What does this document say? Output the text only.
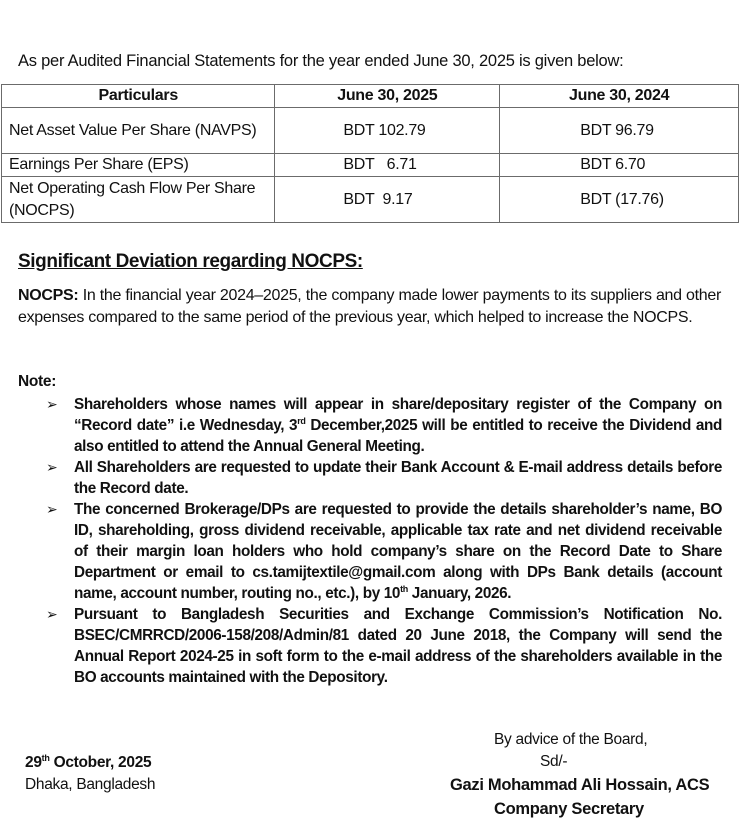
As per Audited Financial Statements for the year ended June 30, 2025 is given below:
Particulars	June 30, 2025	June 30, 2024
Net Asset Value Per Share (NAVPS)	BDT 102.79	BDT 96.79
Earnings Per Share (EPS)	BDT   6.71	BDT 6.70
Net Operating Cash Flow Per Share (NOCPS)	BDT  9.17	BDT (17.76)
Significant Deviation regarding NOCPS:
NOCPS: In the financial year 2024–2025, the company made lower payments to its suppliers and other expenses compared to the same period of the previous year, which helped to increase the NOCPS.
Note:
➢ Shareholders whose names will appear in share/depositary register of the Company on “Record date” i.e Wednesday, 3rd December,2025 will be entitled to receive the Dividend and also entitled to attend the Annual General Meeting.
➢ All Shareholders are requested to update their Bank Account & E-mail address details before the Record date.
➢ The concerned Brokerage/DPs are requested to provide the details shareholder’s name, BO ID, shareholding, gross dividend receivable, applicable tax rate and net dividend receivable of their margin loan holders who hold company’s share on the Record Date to Share Department or email to cs.tamijtextile@gmail.com along with DPs Bank details (account name, account number, routing no., etc.), by 10th January, 2026.
➢ Pursuant to Bangladesh Securities and Exchange Commission’s Notification No. BSEC/CMRRCD/2006-158/208/Admin/81 dated 20 June 2018, the Company will send the Annual Report 2024-25 in soft form to the e-mail address of the shareholders available in the BO accounts maintained with the Depository.
29th October, 2025
Dhaka, Bangladesh
By advice of the Board,
Sd/-
Gazi Mohammad Ali Hossain, ACS
Company Secretary
